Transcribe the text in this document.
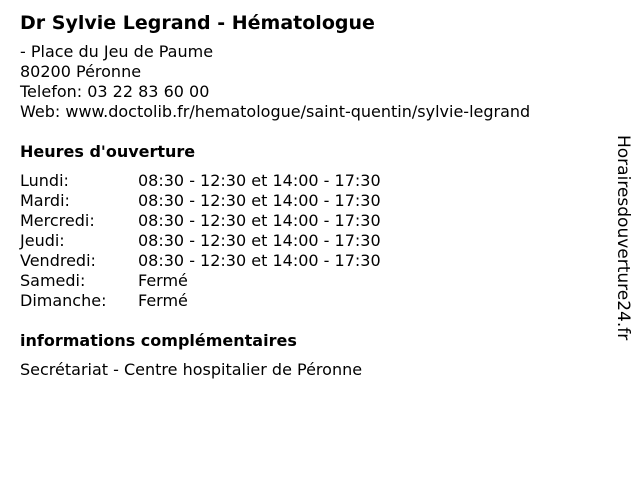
Dr Sylvie Legrand - Hématologue
- Place du Jeu de Paume
80200 Péronne
Telefon: 03 22 83 60 00
Web: www.doctolib.fr/hematologue/saint-quentin/sylvie-legrand
Heures d'ouverture
Lundi:	08:30 - 12:30 et 14:00 - 17:30
Mardi:	08:30 - 12:30 et 14:00 - 17:30
Mercredi:	08:30 - 12:30 et 14:00 - 17:30
Jeudi:	08:30 - 12:30 et 14:00 - 17:30
Vendredi:	08:30 - 12:30 et 14:00 - 17:30
Samedi:	Fermé
Dimanche:	Fermé
informations complémentaires
Secrétariat - Centre hospitalier de Péronne
Horairesdouverture24.fr
